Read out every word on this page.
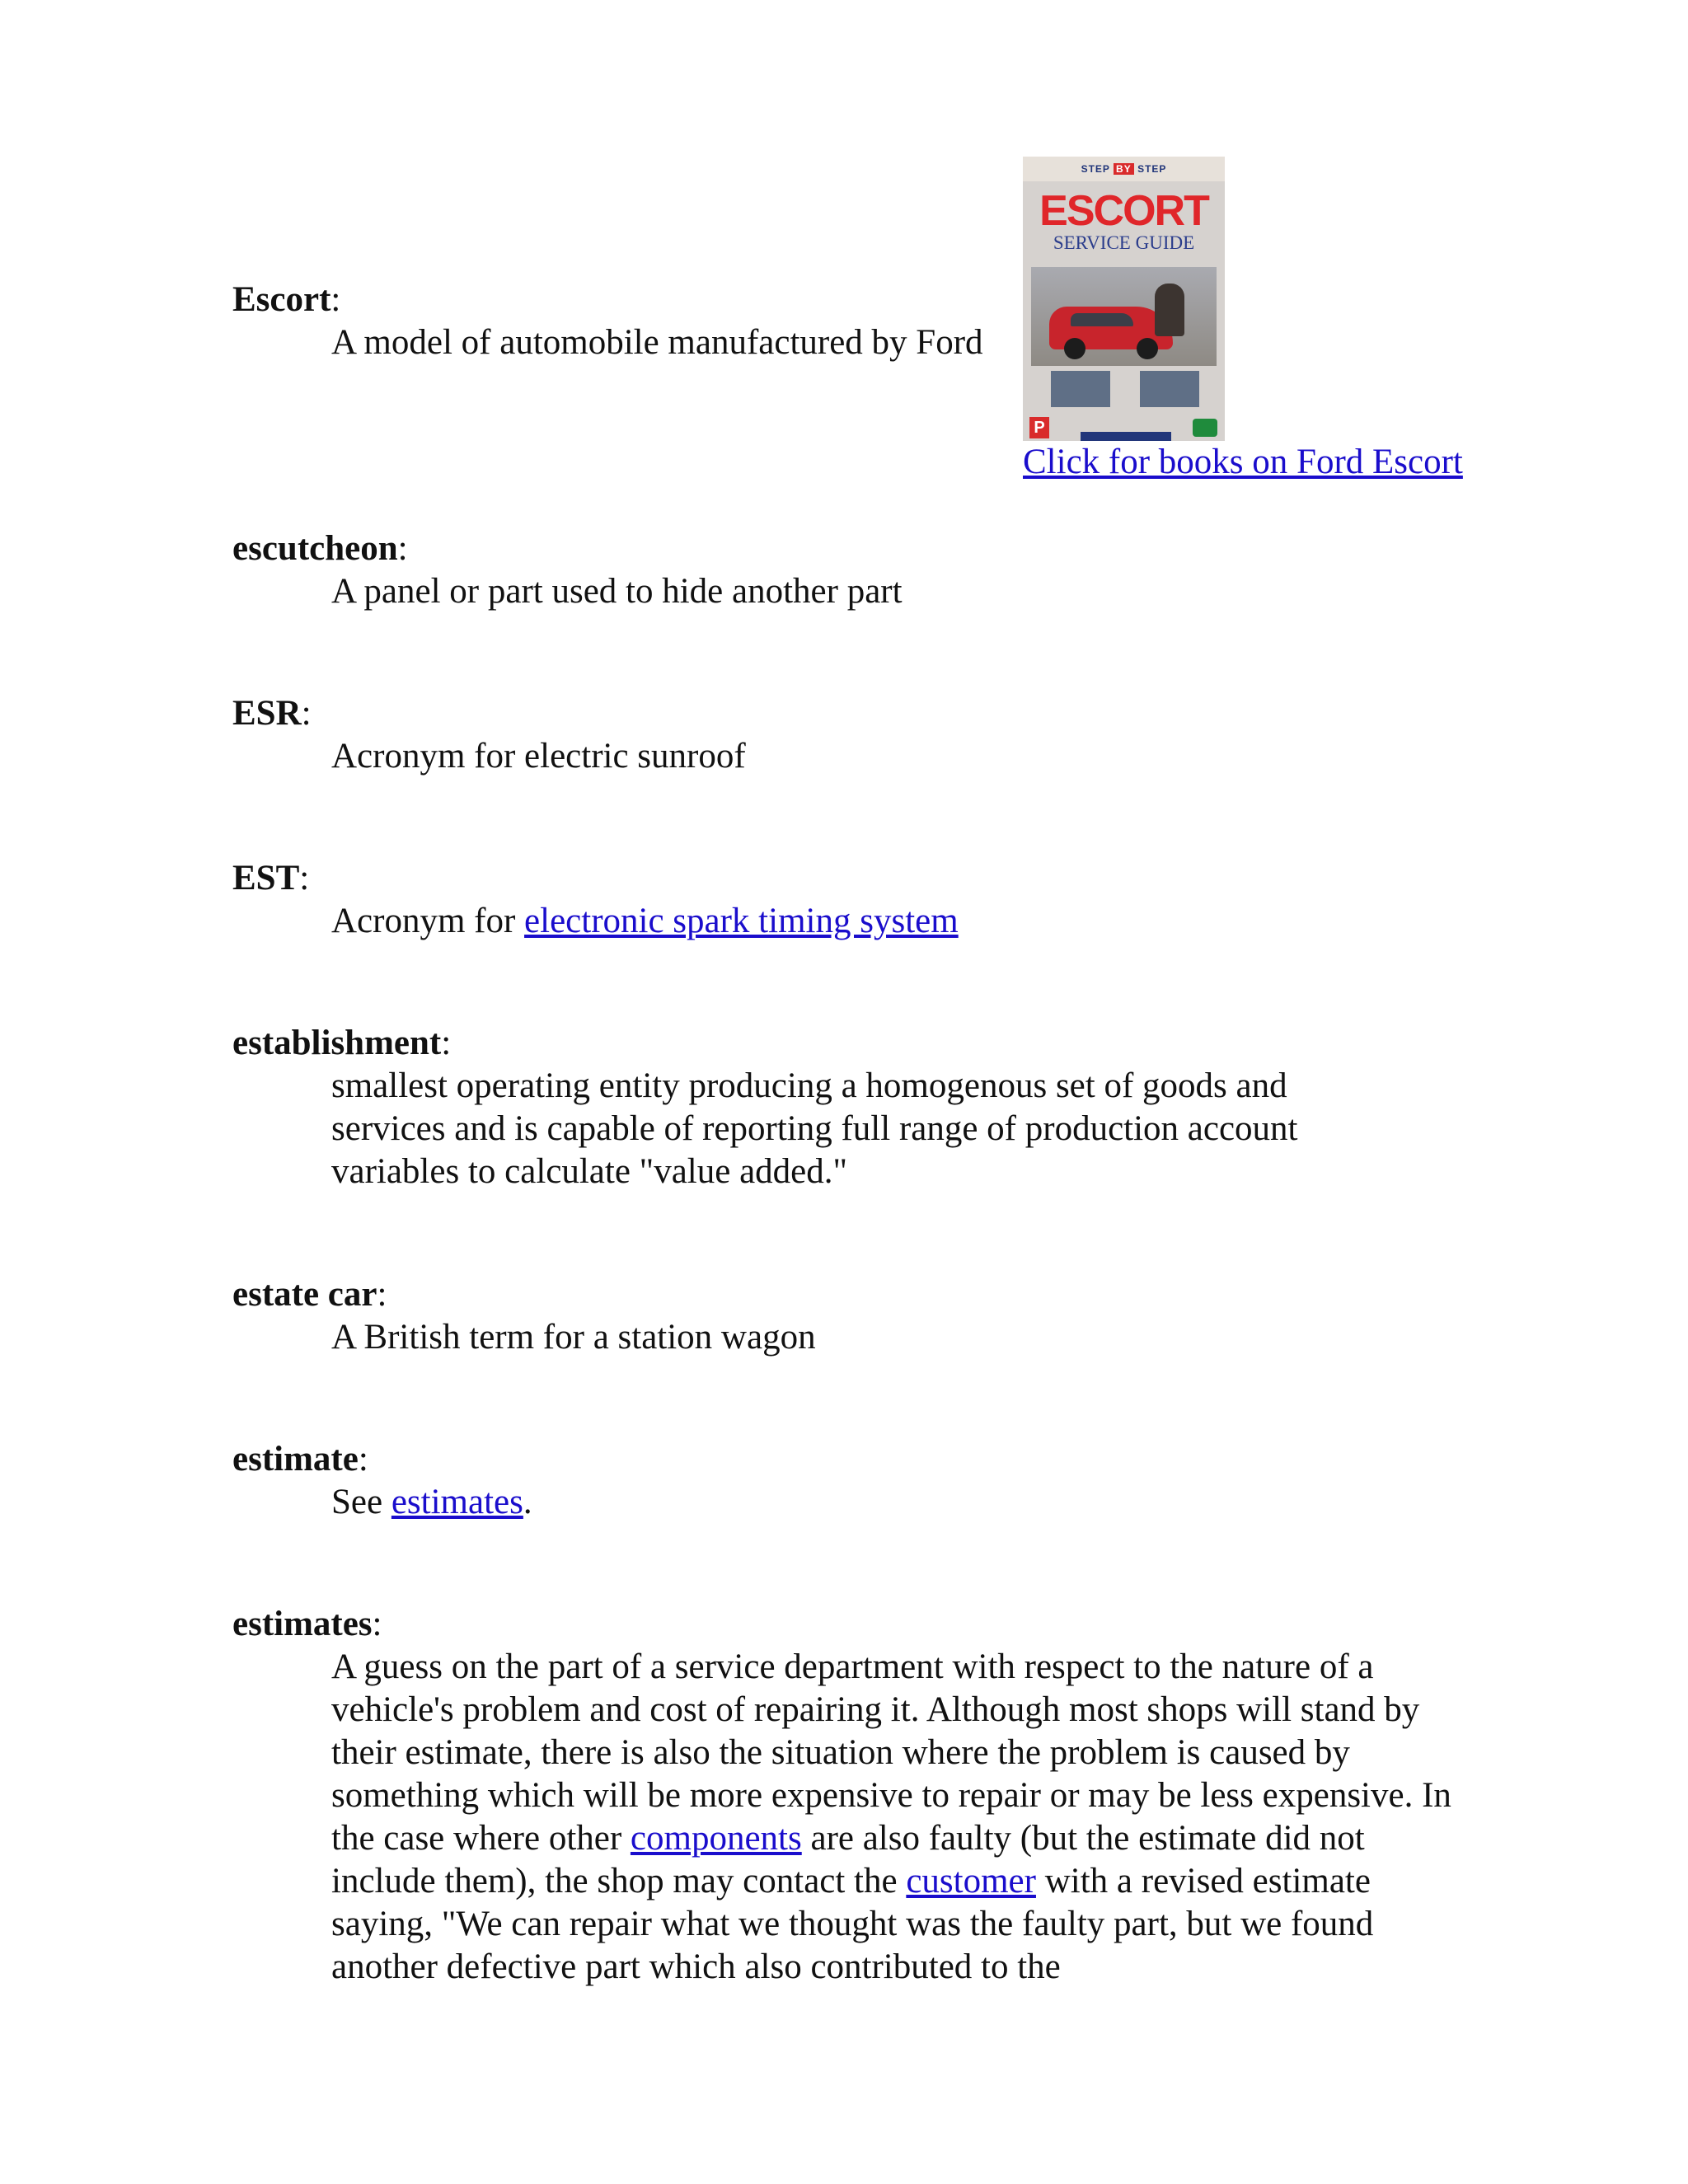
Escort:
A model of automobile manufactured by Ford
STEP BY STEP
ESCORT
SERVICE GUIDE
P
Click for books on Ford Escort
escutcheon:
A panel or part used to hide another part
ESR:
Acronym for electric sunroof
EST:
Acronym for electronic spark timing system
establishment:
smallest operating entity producing a homogenous set of goods and services and is capable of reporting full range of production account variables to calculate "value added."
estate car:
A British term for a station wagon
estimate:
See estimates.
estimates:
A guess on the part of a service department with respect to the nature of a vehicle's problem and cost of repairing it. Although most shops will stand by their estimate, there is also the situation where the problem is caused by something which will be more expensive to repair or may be less expensive. In the case where other components are also faulty (but the estimate did not include them), the shop may contact the customer with a revised estimate saying, "We can repair what we thought was the faulty part, but we found another defective part which also contributed to the
